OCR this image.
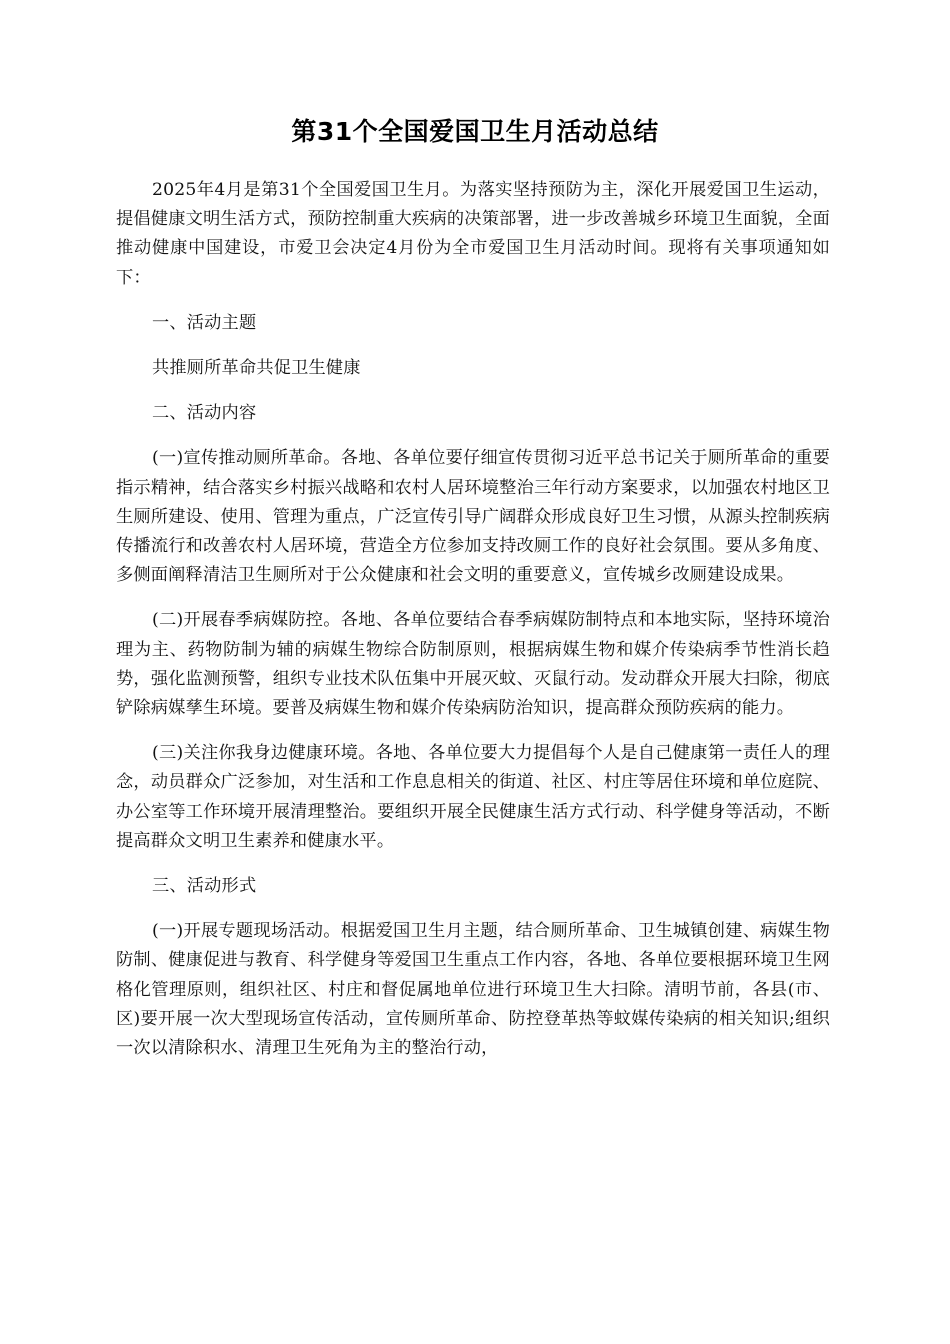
第31个全国爱国卫生月活动总结

2025年4月是第31个全国爱国卫生月。为落实坚持预防为主，深化开展爱国卫生运动，提倡健康文明生活方式，预防控制重大疾病的决策部署，进一步改善城乡环境卫生面貌，全面推动健康中国建设，市爱卫会决定4月份为全市爱国卫生月活动时间。现将有关事项通知如下：

一、活动主题

共推厕所革命共促卫生健康

二、活动内容

(一)宣传推动厕所革命。各地、各单位要仔细宣传贯彻习近平总书记关于厕所革命的重要指示精神，结合落实乡村振兴战略和农村人居环境整治三年行动方案要求，以加强农村地区卫生厕所建设、使用、管理为重点，广泛宣传引导广阔群众形成良好卫生习惯，从源头控制疾病传播流行和改善农村人居环境，营造全方位参加支持改厕工作的良好社会氛围。要从多角度、多侧面阐释清洁卫生厕所对于公众健康和社会文明的重要意义，宣传城乡改厕建设成果。

(二)开展春季病媒防控。各地、各单位要结合春季病媒防制特点和本地实际，坚持环境治理为主、药物防制为辅的病媒生物综合防制原则，根据病媒生物和媒介传染病季节性消长趋势，强化监测预警，组织专业技术队伍集中开展灭蚊、灭鼠行动。发动群众开展大扫除，彻底铲除病媒孳生环境。要普及病媒生物和媒介传染病防治知识，提高群众预防疾病的能力。

(三)关注你我身边健康环境。各地、各单位要大力提倡每个人是自己健康第一责任人的理念，动员群众广泛参加，对生活和工作息息相关的街道、社区、村庄等居住环境和单位庭院、办公室等工作环境开展清理整治。要组织开展全民健康生活方式行动、科学健身等活动，不断提高群众文明卫生素养和健康水平。

三、活动形式

(一)开展专题现场活动。根据爱国卫生月主题，结合厕所革命、卫生城镇创建、病媒生物防制、健康促进与教育、科学健身等爱国卫生重点工作内容，各地、各单位要根据环境卫生网格化管理原则，组织社区、村庄和督促属地单位进行环境卫生大扫除。清明节前，各县(市、区)要开展一次大型现场宣传活动，宣传厕所革命、防控登革热等蚊媒传染病的相关知识;组织一次以清除积水、清理卫生死角为主的整治行动，
